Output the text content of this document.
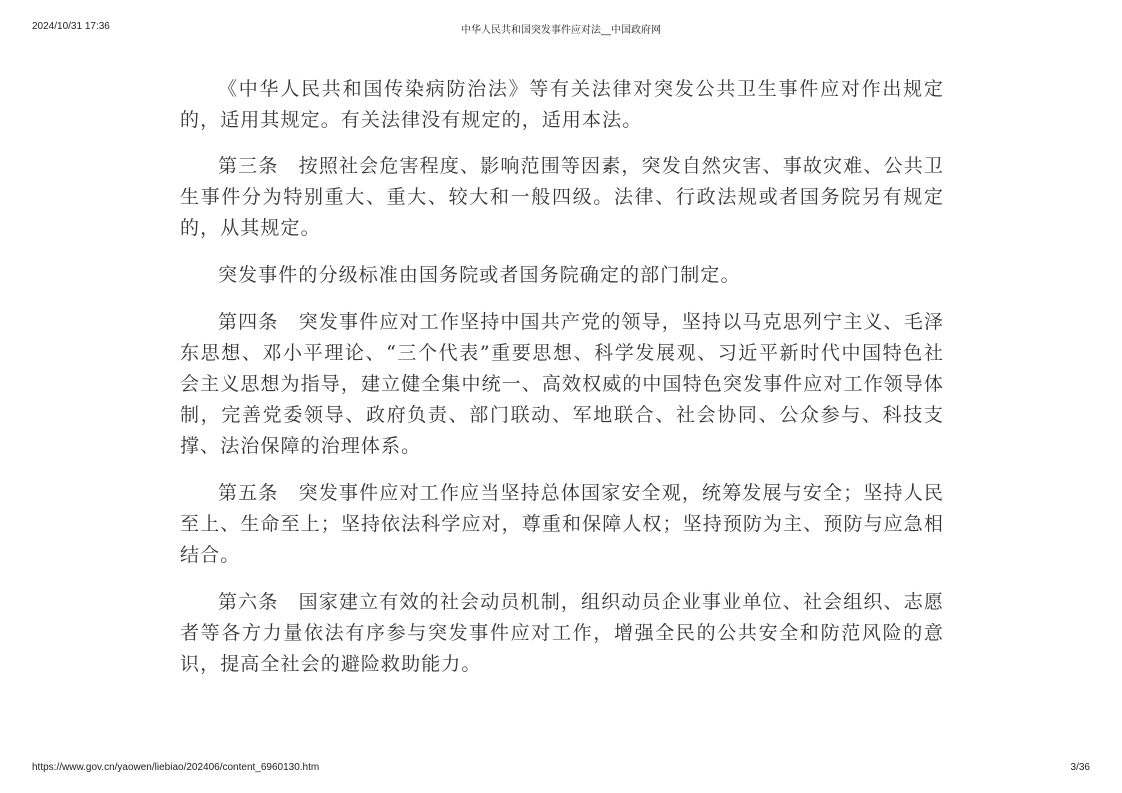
2024/10/31 17:36	中华人民共和国突发事件应对法__中国政府网

《中华人民共和国传染病防治法》等有关法律对突发公共卫生事件应对作出规定的，适用其规定。有关法律没有规定的，适用本法。

第三条　按照社会危害程度、影响范围等因素，突发自然灾害、事故灾难、公共卫生事件分为特别重大、重大、较大和一般四级。法律、行政法规或者国务院另有规定的，从其规定。

突发事件的分级标准由国务院或者国务院确定的部门制定。

第四条　突发事件应对工作坚持中国共产党的领导，坚持以马克思列宁主义、毛泽东思想、邓小平理论、“三个代表”重要思想、科学发展观、习近平新时代中国特色社会主义思想为指导，建立健全集中统一、高效权威的中国特色突发事件应对工作领导体制，完善党委领导、政府负责、部门联动、军地联合、社会协同、公众参与、科技支撑、法治保障的治理体系。

第五条　突发事件应对工作应当坚持总体国家安全观，统筹发展与安全；坚持人民至上、生命至上；坚持依法科学应对，尊重和保障人权；坚持预防为主、预防与应急相结合。

第六条　国家建立有效的社会动员机制，组织动员企业事业单位、社会组织、志愿者等各方力量依法有序参与突发事件应对工作，增强全民的公共安全和防范风险的意识，提高全社会的避险救助能力。

https://www.gov.cn/yaowen/liebiao/202406/content_6960130.htm	3/36
